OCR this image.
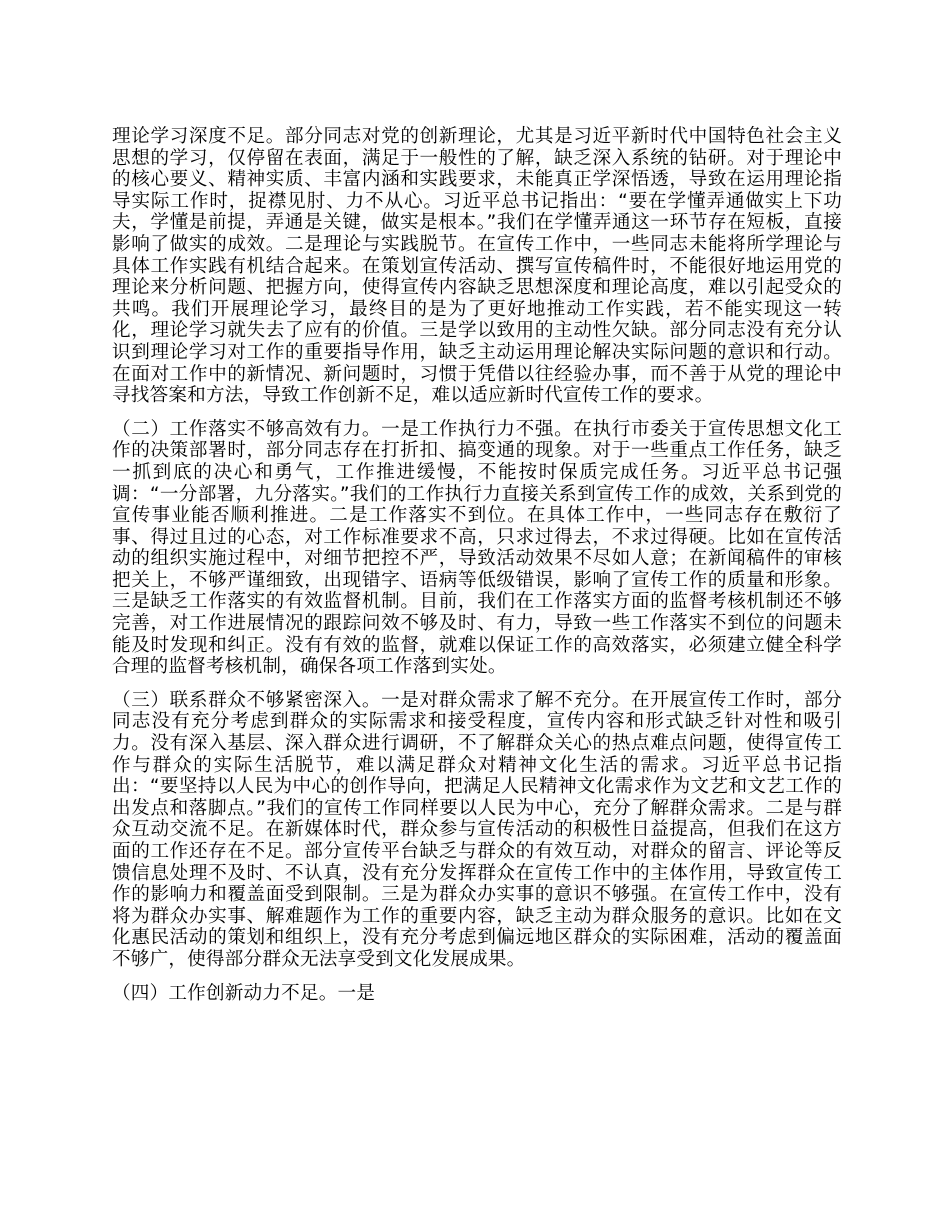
理论学习深度不足。部分同志对党的创新理论，尤其是习近平新时代中国特色社会主义思想的学习，仅停留在表面，满足于一般性的了解，缺乏深入系统的钻研。对于理论中的核心要义、精神实质、丰富内涵和实践要求，未能真正学深悟透，导致在运用理论指导实际工作时，捉襟见肘、力不从心。习近平总书记指出：“要在学懂弄通做实上下功夫，学懂是前提，弄通是关键，做实是根本。”我们在学懂弄通这一环节存在短板，直接影响了做实的成效。二是理论与实践脱节。在宣传工作中，一些同志未能将所学理论与具体工作实践有机结合起来。在策划宣传活动、撰写宣传稿件时，不能很好地运用党的理论来分析问题、把握方向，使得宣传内容缺乏思想深度和理论高度，难以引起受众的共鸣。我们开展理论学习，最终目的是为了更好地推动工作实践，若不能实现这一转化，理论学习就失去了应有的价值。三是学以致用的主动性欠缺。部分同志没有充分认识到理论学习对工作的重要指导作用，缺乏主动运用理论解决实际问题的意识和行动。在面对工作中的新情况、新问题时，习惯于凭借以往经验办事，而不善于从党的理论中寻找答案和方法，导致工作创新不足，难以适应新时代宣传工作的要求。

（二）工作落实不够高效有力。一是工作执行力不强。在执行市委关于宣传思想文化工作的决策部署时，部分同志存在打折扣、搞变通的现象。对于一些重点工作任务，缺乏一抓到底的决心和勇气，工作推进缓慢，不能按时保质完成任务。习近平总书记强调：“一分部署，九分落实。”我们的工作执行力直接关系到宣传工作的成效，关系到党的宣传事业能否顺利推进。二是工作落实不到位。在具体工作中，一些同志存在敷衍了事、得过且过的心态，对工作标准要求不高，只求过得去，不求过得硬。比如在宣传活动的组织实施过程中，对细节把控不严，导致活动效果不尽如人意；在新闻稿件的审核把关上，不够严谨细致，出现错字、语病等低级错误，影响了宣传工作的质量和形象。三是缺乏工作落实的有效监督机制。目前，我们在工作落实方面的监督考核机制还不够完善，对工作进展情况的跟踪问效不够及时、有力，导致一些工作落实不到位的问题未能及时发现和纠正。没有有效的监督，就难以保证工作的高效落实，必须建立健全科学合理的监督考核机制，确保各项工作落到实处。

（三）联系群众不够紧密深入。一是对群众需求了解不充分。在开展宣传工作时，部分同志没有充分考虑到群众的实际需求和接受程度，宣传内容和形式缺乏针对性和吸引力。没有深入基层、深入群众进行调研，不了解群众关心的热点难点问题，使得宣传工作与群众的实际生活脱节，难以满足群众对精神文化生活的需求。习近平总书记指出：“要坚持以人民为中心的创作导向，把满足人民精神文化需求作为文艺和文艺工作的出发点和落脚点。”我们的宣传工作同样要以人民为中心，充分了解群众需求。二是与群众互动交流不足。在新媒体时代，群众参与宣传活动的积极性日益提高，但我们在这方面的工作还存在不足。部分宣传平台缺乏与群众的有效互动，对群众的留言、评论等反馈信息处理不及时、不认真，没有充分发挥群众在宣传工作中的主体作用，导致宣传工作的影响力和覆盖面受到限制。三是为群众办实事的意识不够强。在宣传工作中，没有将为群众办实事、解难题作为工作的重要内容，缺乏主动为群众服务的意识。比如在文化惠民活动的策划和组织上，没有充分考虑到偏远地区群众的实际困难，活动的覆盖面不够广，使得部分群众无法享受到文化发展成果。

（四）工作创新动力不足。一是
